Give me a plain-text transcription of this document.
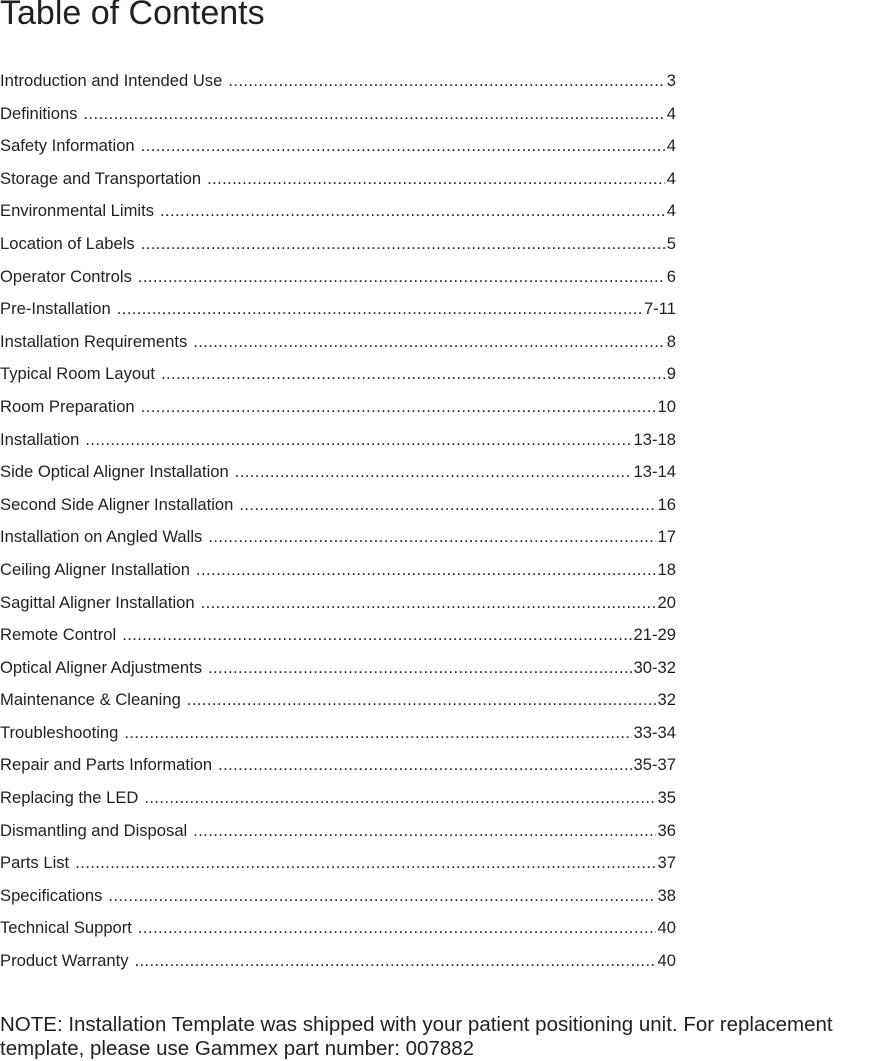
Table of Contents
Introduction and Intended Use .....	3
Definitions .....	4
Safety Information .....	4
Storage and Transportation .....	4
Environmental Limits .....	4
Location of Labels .....	5
Operator Controls .....	6
Pre-Installation .....	7-11
Installation Requirements .....	8
Typical Room Layout .....	9
Room Preparation .....	10
Installation .....	13-18
Side Optical Aligner Installation .....	13-14
Second Side Aligner Installation .....	16
Installation on Angled Walls .....	17
Ceiling Aligner Installation .....	18
Sagittal Aligner Installation .....	20
Remote Control .....	21-29
Optical Aligner Adjustments .....	30-32
Maintenance & Cleaning .....	32
Troubleshooting .....	33-34
Repair and Parts Information .....	35-37
Replacing the LED .....	35
Dismantling and Disposal .....	36
Parts List .....	37
Specifications .....	38
Technical Support .....	40
Product Warranty .....	40

NOTE: Installation Template was shipped with your patient positioning unit. For replacement
template, please use Gammex part number: 007882
